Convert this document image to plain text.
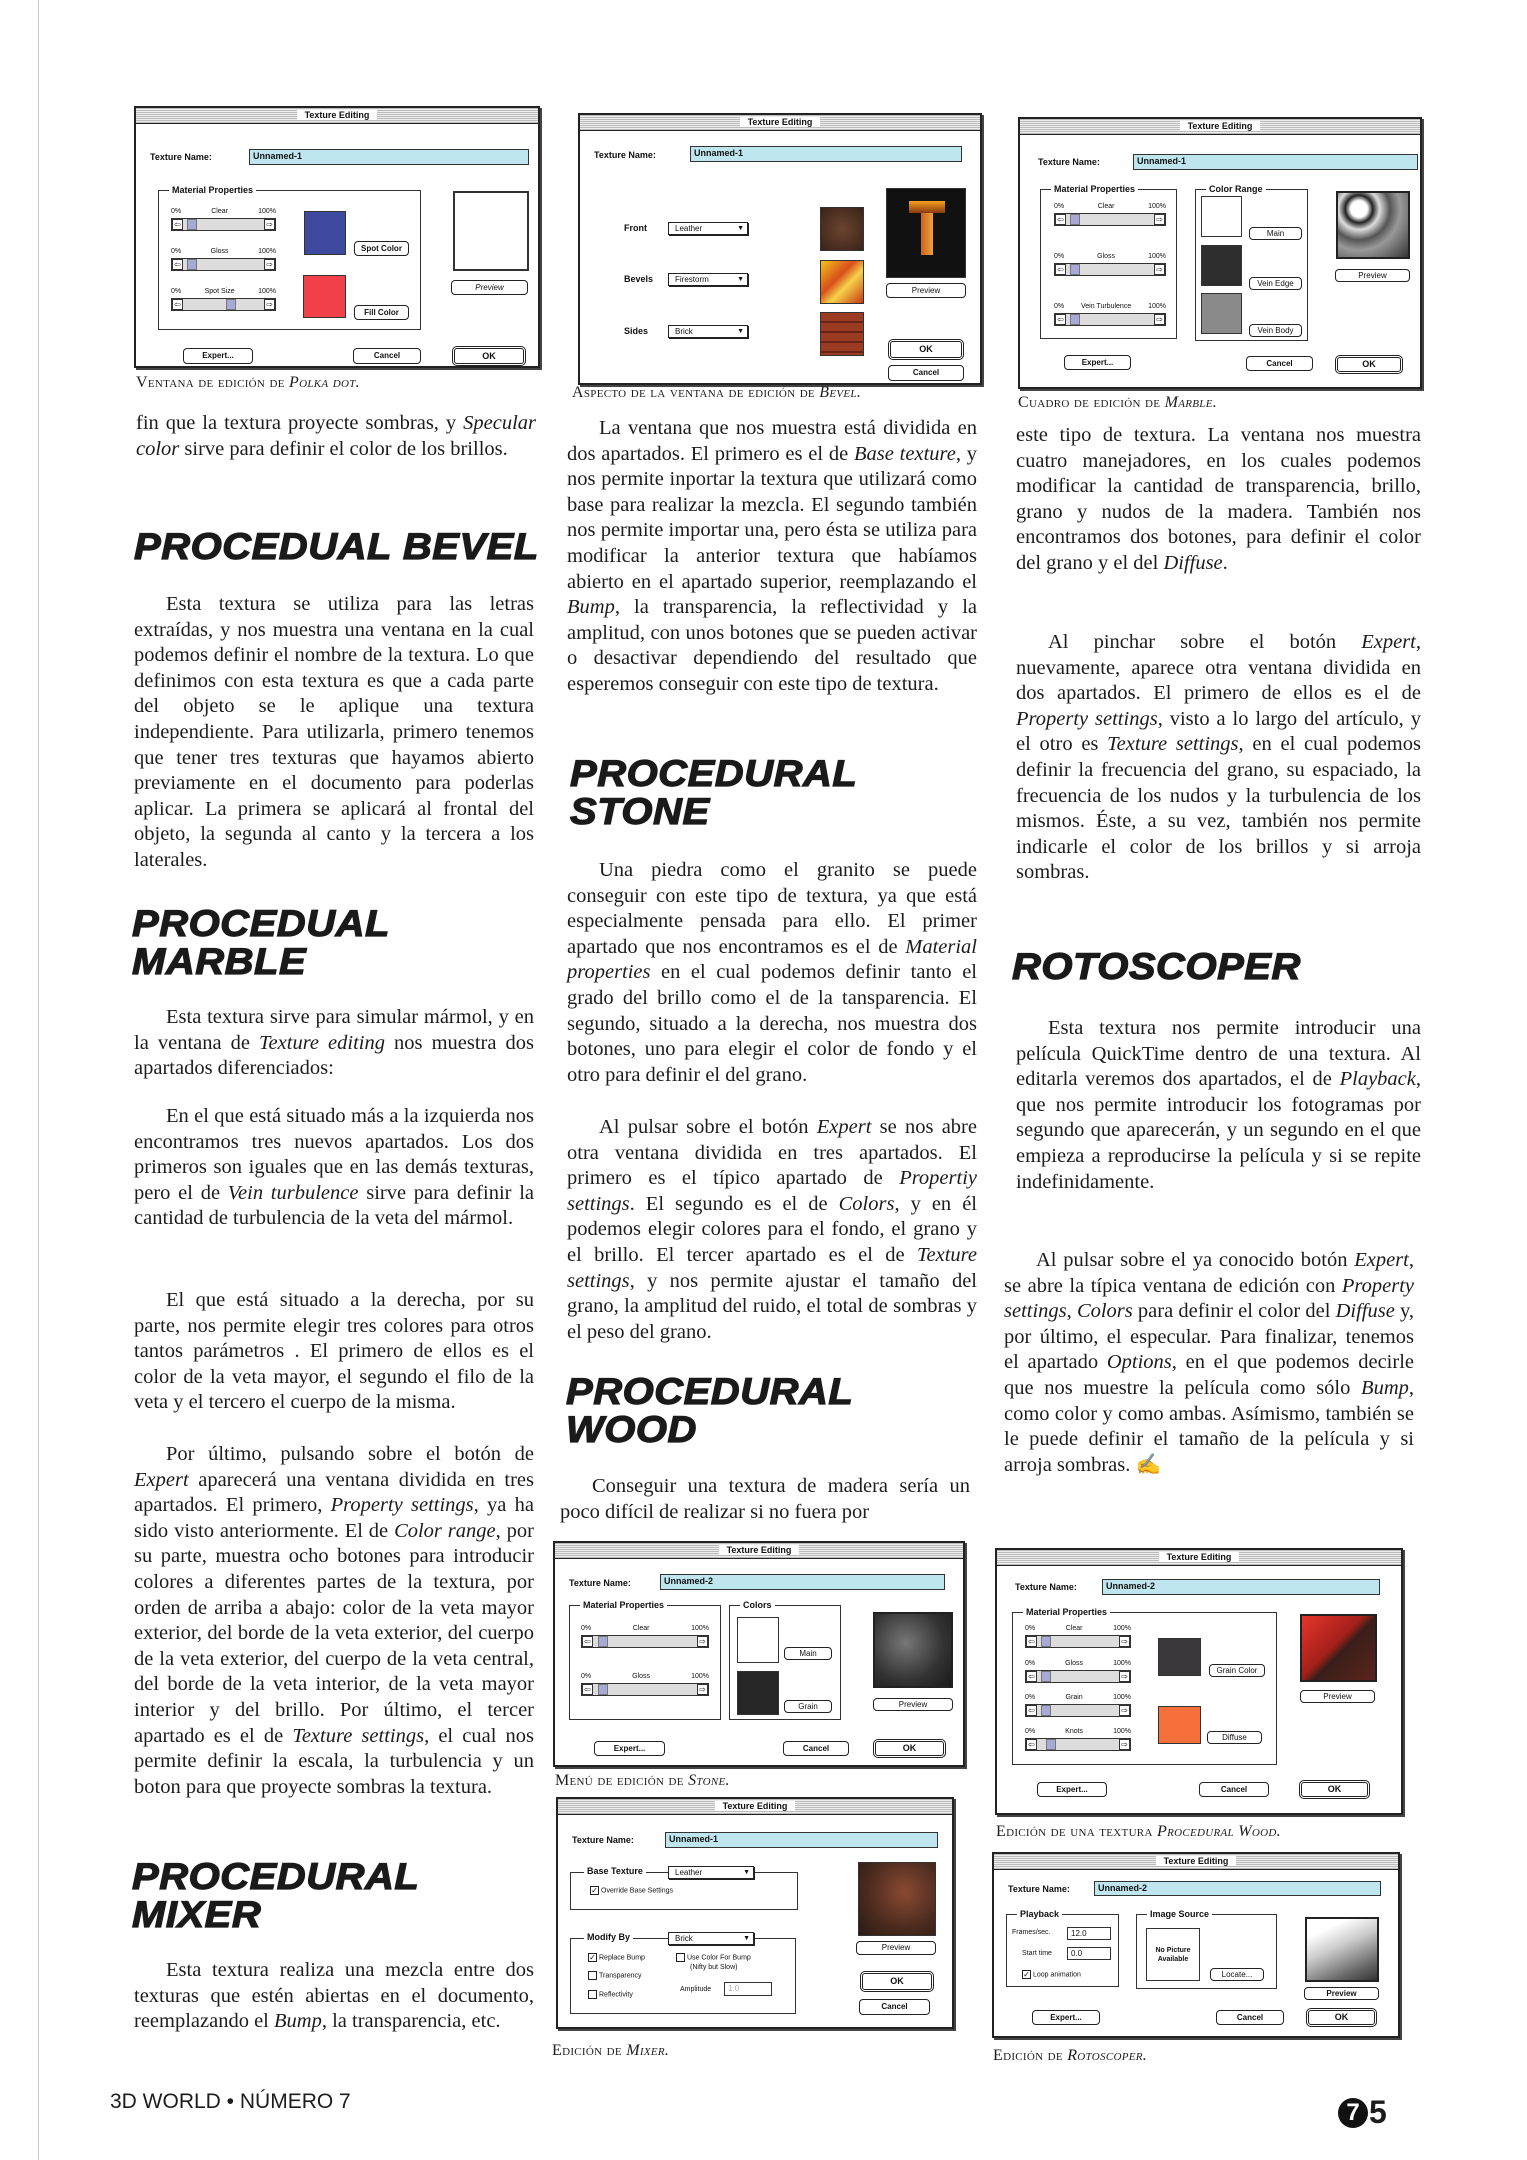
Texture Editing
Texture Name:	Unnamed-1
Material Properties
0%	Clear	100%
⇦	⇨
0%	Gloss	100%
⇦	⇨
0%	Spot Size	100%
⇦	⇨
Spot Color
Fill Color
Preview
Expert...	Cancel	OK
Ventana de edición de Polka dot.
Texture Editing
Texture Name:	Unnamed-1
Front	Leather	▼
Bevels	Firestorm	▼
Sides	Brick	▼
Preview
OK
Cancel
Aspecto de la ventana de edición de Bevel.
Texture Editing
Texture Name:	Unnamed-1
Material Properties
0%	Clear	100%
⇦	⇨
0%	Gloss	100%
⇦	⇨
0% Vein Turbulence 100%
⇦	⇨
Color Range
Main
Vein Edge
Vein Body
Preview
Expert...	Cancel	OK
Cuadro de edición de Marble.
fin que la textura proyecte sombras, y Specular color sirve para definir el color de los brillos.
PROCEDUAL BEVEL
Esta textura se utiliza para las letras extraídas, y nos muestra una ventana en la cual podemos definir el nombre de la textura. Lo que definimos con esta textura es que a cada parte del objeto se le aplique una textura independiente. Para utilizarla, primero tenemos que tener tres texturas que hayamos abierto previamente en el documento para poderlas aplicar. La primera se aplicará al frontal del objeto, la segunda al canto y la tercera a los laterales.
PROCEDUAL MARBLE
Esta textura sirve para simular mármol, y en la ventana de Texture editing nos muestra dos apartados diferenciados:
En el que está situado más a la izquierda nos encontramos tres nuevos apartados. Los dos primeros son iguales que en las demás texturas, pero el de Vein turbulence sirve para definir la cantidad de turbulencia de la veta del mármol.
El que está situado a la derecha, por su parte, nos permite elegir tres colores para otros tantos parámetros . El primero de ellos es el color de la veta mayor, el segundo el filo de la veta y el tercero el cuerpo de la misma.
Por último, pulsando sobre el botón de Expert aparecerá una ventana dividida en tres apartados. El primero, Property settings, ya ha sido visto anteriormente. El de Color range, por su parte, muestra ocho botones para introducir colores a diferentes partes de la textura, por orden de arriba a abajo: color de la veta mayor exterior, del borde de la veta exterior, del cuerpo de la veta exterior, del cuerpo de la veta central, del borde de la veta interior, de la veta mayor interior y del brillo. Por último, el tercer apartado es el de Texture settings, el cual nos permite definir la escala, la turbulencia y un boton para que proyecte sombras la textura.
PROCEDURAL MIXER
Esta textura realiza una mezcla entre dos texturas que estén abiertas en el documento, reemplazando el Bump, la transparencia, etc.
La ventana que nos muestra está dividida en dos apartados. El primero es el de Base texture, y nos permite inportar la textura que utilizará como base para realizar la mezcla. El segundo también nos permite importar una, pero ésta se utiliza para modificar la anterior textura que habíamos abierto en el apartado superior, reemplazando el Bump, la transparencia, la reflectividad y la amplitud, con unos botones que se pueden activar o desactivar dependiendo del resultado que esperemos conseguir con este tipo de textura.
PROCEDURAL STONE
Una piedra como el granito se puede conseguir con este tipo de textura, ya que está especialmente pensada para ello. El primer apartado que nos encontramos es el de Material properties en el cual podemos definir tanto el grado del brillo como el de la tansparencia. El segundo, situado a la derecha, nos muestra dos botones, uno para elegir el color de fondo y el otro para definir el del grano.
Al pulsar sobre el botón Expert se nos abre otra ventana dividida en tres apartados. El primero es el típico apartado de Propertiy settings. El segundo es el de Colors, y en él podemos elegir colores para el fondo, el grano y el brillo. El tercer apartado es el de Texture settings, y nos permite ajustar el tamaño del grano, la amplitud del ruido, el total de sombras y el peso del grano.
PROCEDURAL WOOD
Conseguir una textura de madera sería un poco difícil de realizar si no fuera por
Texture Editing
Texture Name:	Unnamed-2
Material Properties
0%	Clear	100%
⇦	⇨
0%	Gloss	100%
⇦	⇨
Colors
Main
Grain	Preview
Expert...	Cancel	OK
Menú de edición de Stone.
Texture Editing
Texture Name:	Unnamed-1
Base Texture	Leather	▼
✓ Override Base Settings
Modify By	Brick	▼
✓ Replace Bump
Transparency
Reflectivity
Use Color For Bump
(Nifty but Slow)
Amplitude	1.0
Preview
OK
Cancel
Edición de Mixer.
este tipo de textura. La ventana nos muestra cuatro manejadores, en los cuales podemos modificar la cantidad de transparencia, brillo, grano y nudos de la madera. También nos encontramos dos botones, para definir el color del grano y el del Diffuse.
Al pinchar sobre el botón Expert, nuevamente, aparece otra ventana dividida en dos apartados. El primero de ellos es el de Property settings, visto a lo largo del artículo, y el otro es Texture settings, en el cual podemos definir la frecuencia del grano, su espaciado, la frecuencia de los nudos y la turbulencia de los mismos. Éste, a su vez, también nos permite indicarle el color de los brillos y si arroja sombras.
ROTOSCOPER
Esta textura nos permite introducir una película QuickTime dentro de una textura. Al editarla veremos dos apartados, el de Playback, que nos permite introducir los fotogramas por segundo que aparecerán, y un segundo en el que empieza a reproducirse la película y si se repite indefinidamente.
Al pulsar sobre el ya conocido botón Expert, se abre la típica ventana de edición con Property settings, Colors para definir el color del Diffuse y, por último, el especular. Para finalizar, tenemos el apartado Options, en el que podemos decirle que nos muestre la película como sólo Bump, como color y como ambas. Asímismo, también se le puede definir el tamaño de la película y si arroja sombras. ✍
Texture Editing
Texture Name:	Unnamed-2
Material Properties
0%	Clear	100%
⇦	⇨
0%	Gloss	100%
⇦	⇨
0%	Grain	100%
⇦	⇨
0%	Knots	100%
⇦	⇨
Grain Color
Diffuse
Preview
Expert...	Cancel	OK
Edición de una textura Procedural Wood.
Texture Editing
Texture Name:	Unnamed-2
Playback
Frames/sec.	12.0
Start time	0.0
✓ Loop animation
Image Source
No Picture Available
Locate...
Preview
Expert...	Cancel	OK
Edición de Rotoscoper.
3D WORLD • NÚMERO 7	7 5
